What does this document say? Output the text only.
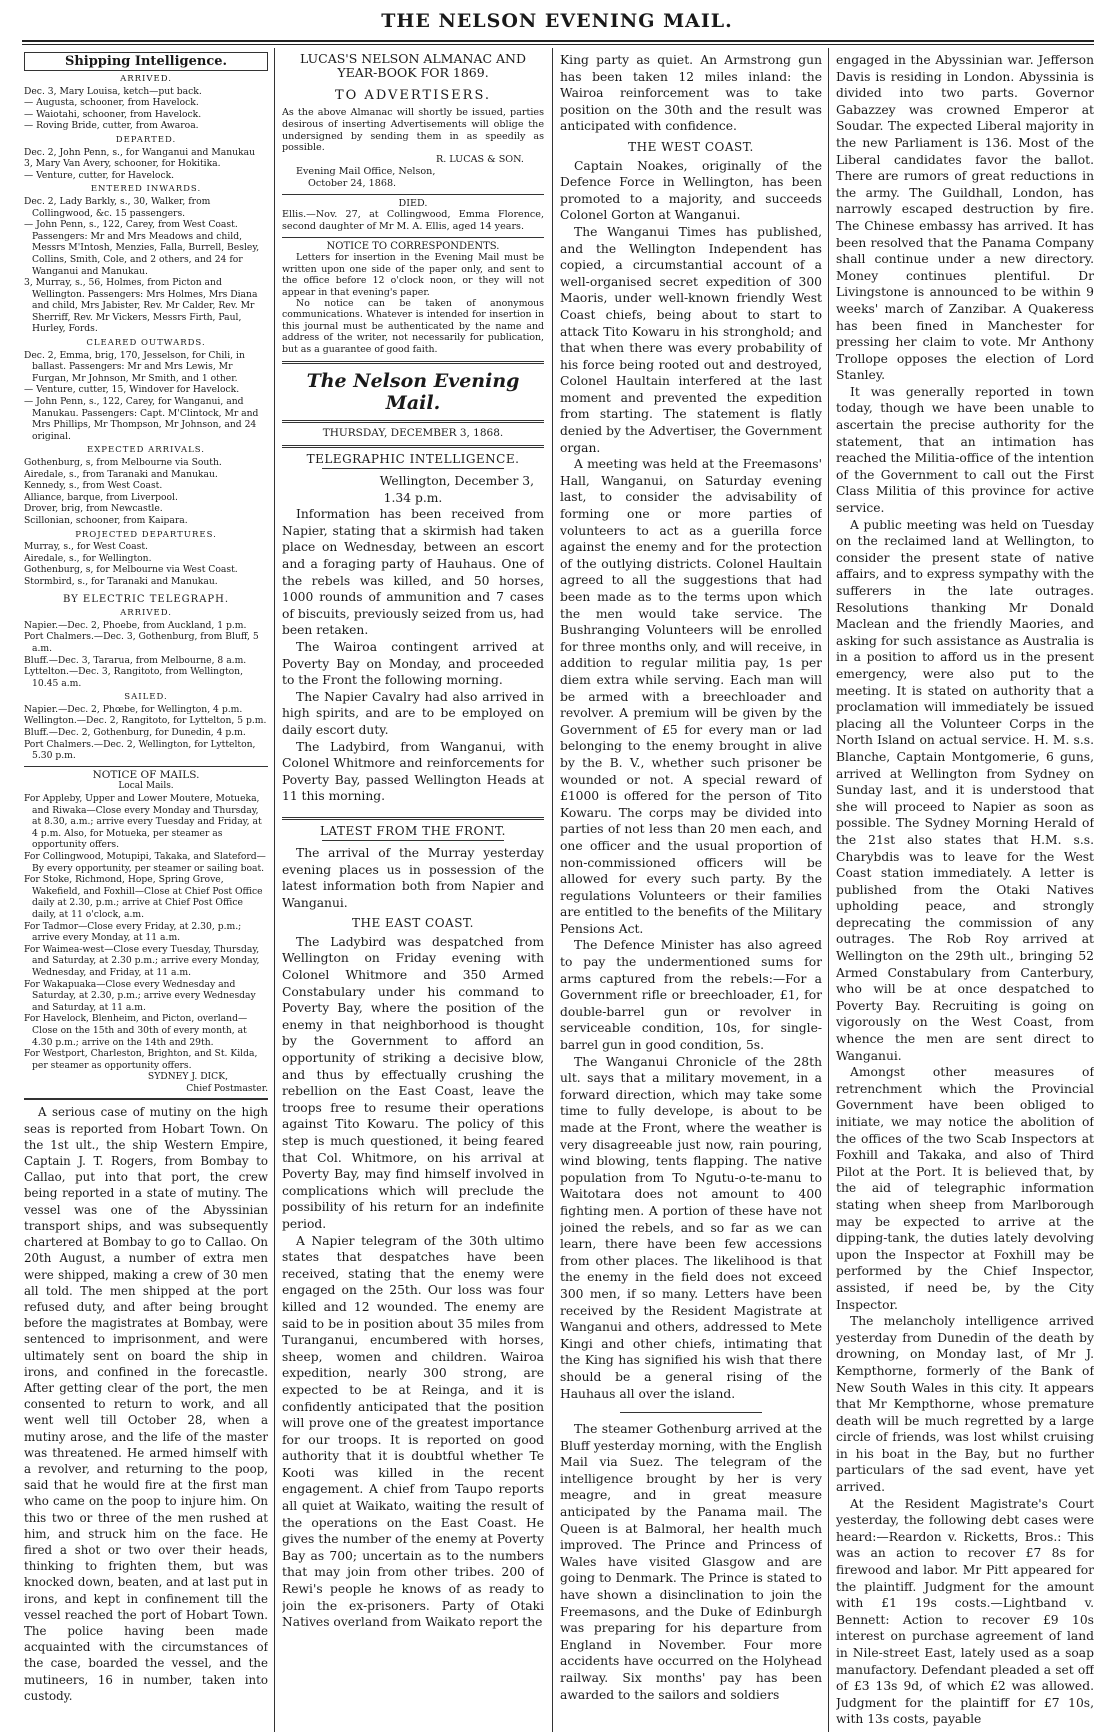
THE NELSON EVENING MAIL.
Shipping Intelligence.
ARRIVED.

Dec. 3, Mary Louisa, ketch—put back.

— Augusta, schooner, from Havelock.

— Waiotahi, schooner, from Havelock.

— Roving Bride, cutter, from Awaroa.

DEPARTED.

Dec. 2, John Penn, s., for Wanganui and Manukau

3, Mary Van Avery, schooner, for Hokitika.

— Venture, cutter, for Havelock.

ENTERED INWARDS.

Dec. 2, Lady Barkly, s., 30, Walker, from Collingwood, &c. 15 passengers.

— John Penn, s., 122, Carey, from West Coast. Passengers: Mr and Mrs Meadows and child, Messrs M'Intosh, Menzies, Falla, Burrell, Besley, Collins, Smith, Cole, and 2 others, and 24 for Wanganui and Manukau.

3, Murray, s., 56, Holmes, from Picton and Wellington. Passengers: Mrs Holmes, Mrs Diana and child, Mrs Jabister, Rev. Mr Calder, Rev. Mr Sherriff, Rev. Mr Vickers, Messrs Firth, Paul, Hurley, Fords.

CLEARED OUTWARDS.

Dec. 2, Emma, brig, 170, Jesselson, for Chili, in ballast. Passengers: Mr and Mrs Lewis, Mr Furgan, Mr Johnson, Mr Smith, and 1 other.

— Venture, cutter, 15, Windover for Havelock.

— John Penn, s., 122, Carey, for Wanganui, and Manukau. Passengers: Capt. M'Clintock, Mr and Mrs Phillips, Mr Thompson, Mr Johnson, and 24 original.

EXPECTED ARRIVALS.

Gothenburg, s, from Melbourne via South.

Airedale, s., from Taranaki and Manukau.

Kennedy, s., from West Coast.

Alliance, barque, from Liverpool.

Drover, brig, from Newcastle.

Scillonian, schooner, from Kaipara.

PROJECTED DEPARTURES.

Murray, s., for West Coast.

Airedale, s., for Wellington.

Gothenburg, s, for Melbourne via West Coast.

Stormbird, s., for Taranaki and Manukau.

BY ELECTRIC TELEGRAPH.
ARRIVED.

Napier.—Dec. 2, Phoebe, from Auckland, 1 p.m.

Port Chalmers.—Dec. 3, Gothenburg, from Bluff, 5 a.m.

Bluff.—Dec. 3, Tararua, from Melbourne, 8 a.m.

Lyttelton.—Dec. 3, Rangitoto, from Wellington, 10.45 a.m.

SAILED.

Napier.—Dec. 2, Phœbe, for Wellington, 4 p.m.

Wellington.—Dec. 2, Rangitoto, for Lyttelton, 5 p.m.

Bluff.—Dec. 2, Gothenburg, for Dunedin, 4 p.m.

Port Chalmers.—Dec. 2, Wellington, for Lyttelton, 5.30 p.m.

NOTICE OF MAILS.
Local Mails.

For Appleby, Upper and Lower Moutere, Motueka, and Riwaka—Close every Monday and Thursday, at 8.30, a.m.; arrive every Tuesday and Friday, at 4 p.m. Also, for Motueka, per steamer as opportunity offers.

For Collingwood, Motupipi, Takaka, and Slateford—By every opportunity, per steamer or sailing boat.

For Stoke, Richmond, Hope, Spring Grove, Wakefield, and Foxhill—Close at Chief Post Office daily at 2.30, p.m.; arrive at Chief Post Office daily, at 11 o'clock, a.m.

For Tadmor—Close every Friday, at 2.30, p.m.; arrive every Monday, at 11 a.m.

For Waimea-west—Close every Tuesday, Thursday, and Saturday, at 2.30 p.m.; arrive every Monday, Wednesday, and Friday, at 11 a.m.

For Wakapuaka—Close every Wednesday and Saturday, at 2.30, p.m.; arrive every Wednesday and Saturday, at 11 a.m.

For Havelock, Blenheim, and Picton, overland—Close on the 15th and 30th of every month, at 4.30 p.m.; arrive on the 14th and 29th.

For Westport, Charleston, Brighton, and St. Kilda, per steamer as opportunity offers.

SYDNEY J. DICK,

Chief Postmaster.

A serious case of mutiny on the high seas is reported from Hobart Town. On the 1st ult., the ship Western Empire, Captain J. T. Rogers, from Bombay to Callao, put into that port, the crew being reported in a state of mutiny. The vessel was one of the Abyssinian transport ships, and was subsequently chartered at Bombay to go to Callao. On 20th August, a number of extra men were shipped, making a crew of 30 men all told. The men shipped at the port refused duty, and after being brought before the magistrates at Bombay, were sentenced to imprisonment, and were ultimately sent on board the ship in irons, and confined in the forecastle. After getting clear of the port, the men consented to return to work, and all went well till October 28, when a mutiny arose, and the life of the master was threatened. He armed himself with a revolver, and returning to the poop, said that he would fire at the first man who came on the poop to injure him. On this two or three of the men rushed at him, and struck him on the face. He fired a shot or two over their heads, thinking to frighten them, but was knocked down, beaten, and at last put in irons, and kept in confinement till the vessel reached the port of Hobart Town. The police having been made acquainted with the circumstances of the case, boarded the vessel, and the mutineers, 16 in number, taken into custody.

LUCAS'S NELSON ALMANAC AND YEAR-BOOK FOR 1869.
TO ADVERTISERS.

As the above Almanac will shortly be issued, parties desirous of inserting Advertisements will oblige the undersigned by sending them in as speedily as possible.

R. LUCAS & SON.

Evening Mail Office, Nelson,

October 24, 1868.

DIED.

Ellis.—Nov. 27, at Collingwood, Emma Florence, second daughter of Mr M. A. Ellis, aged 14 years.

NOTICE TO CORRESPONDENTS.

Letters for insertion in the Evening Mail must be written upon one side of the paper only, and sent to the office before 12 o'clock noon, or they will not appear in that evening's paper.

No notice can be taken of anonymous communications. Whatever is intended for insertion in this journal must be authenticated by the name and address of the writer, not necessarily for publication, but as a guarantee of good faith.

The Nelson Evening Mail.
THURSDAY, DECEMBER 3, 1868.
TELEGRAPHIC INTELLIGENCE.

Wellington, December 3,

1.34 p.m.

Information has been received from Napier, stating that a skirmish had taken place on Wednesday, between an escort and a foraging party of Hauhaus. One of the rebels was killed, and 50 horses, 1000 rounds of ammunition and 7 cases of biscuits, previously seized from us, had been retaken.

The Wairoa contingent arrived at Poverty Bay on Monday, and proceeded to the Front the following morning.

The Napier Cavalry had also arrived in high spirits, and are to be employed on daily escort duty.

The Ladybird, from Wanganui, with Colonel Whitmore and reinforcements for Poverty Bay, passed Wellington Heads at 11 this morning.

LATEST FROM THE FRONT.

The arrival of the Murray yesterday evening places us in possession of the latest information both from Napier and Wanganui.

THE EAST COAST.

The Ladybird was despatched from Wellington on Friday evening with Colonel Whitmore and 350 Armed Constabulary under his command to Poverty Bay, where the position of the enemy in that neighborhood is thought by the Government to afford an opportunity of striking a decisive blow, and thus by effectually crushing the rebellion on the East Coast, leave the troops free to resume their operations against Tito Kowaru. The policy of this step is much questioned, it being feared that Col. Whitmore, on his arrival at Poverty Bay, may find himself involved in complications which will preclude the possibility of his return for an indefinite period.

A Napier telegram of the 30th ultimo states that despatches have been received, stating that the enemy were engaged on the 25th. Our loss was four killed and 12 wounded. The enemy are said to be in position about 35 miles from Turanganui, encumbered with horses, sheep, women and children. Wairoa expedition, nearly 300 strong, are expected to be at Reinga, and it is confidently anticipated that the position will prove one of the greatest importance for our troops. It is reported on good authority that it is doubtful whether Te Kooti was killed in the recent engagement. A chief from Taupo reports all quiet at Waikato, waiting the result of the operations on the East Coast. He gives the number of the enemy at Poverty Bay as 700; uncertain as to the numbers that may join from other tribes. 200 of Rewi's people he knows of as ready to join the ex-prisoners. Party of Otaki Natives overland from Waikato report the

King party as quiet. An Armstrong gun has been taken 12 miles inland: the Wairoa reinforcement was to take position on the 30th and the result was anticipated with confidence.

THE WEST COAST.

Captain Noakes, originally of the Defence Force in Wellington, has been promoted to a majority, and succeeds Colonel Gorton at Wanganui.

The Wanganui Times has published, and the Wellington Independent has copied, a circumstantial account of a well-organised secret expedition of 300 Maoris, under well-known friendly West Coast chiefs, being about to start to attack Tito Kowaru in his stronghold; and that when there was every probability of his force being rooted out and destroyed, Colonel Haultain interfered at the last moment and prevented the expedition from starting. The statement is flatly denied by the Advertiser, the Government organ.

A meeting was held at the Freemasons' Hall, Wanganui, on Saturday evening last, to consider the advisability of forming one or more parties of volunteers to act as a guerilla force against the enemy and for the protection of the outlying districts. Colonel Haultain agreed to all the suggestions that had been made as to the terms upon which the men would take service. The Bushranging Volunteers will be enrolled for three months only, and will receive, in addition to regular militia pay, 1s per diem extra while serving. Each man will be armed with a breechloader and revolver. A premium will be given by the Government of £5 for every man or lad belonging to the enemy brought in alive by the B. V., whether such prisoner be wounded or not. A special reward of £1000 is offered for the person of Tito Kowaru. The corps may be divided into parties of not less than 20 men each, and one officer and the usual proportion of non-commissioned officers will be allowed for every such party. By the regulations Volunteers or their families are entitled to the benefits of the Military Pensions Act.

The Defence Minister has also agreed to pay the undermentioned sums for arms captured from the rebels:—For a Government rifle or breechloader, £1, for double-barrel gun or revolver in serviceable condition, 10s, for single-barrel gun in good condition, 5s.

The Wanganui Chronicle of the 28th ult. says that a military movement, in a forward direction, which may take some time to fully develope, is about to be made at the Front, where the weather is very disagreeable just now, rain pouring, wind blowing, tents flapping. The native population from To Ngutu-o-te-manu to Waitotara does not amount to 400 fighting men. A portion of these have not joined the rebels, and so far as we can learn, there have been few accessions from other places. The likelihood is that the enemy in the field does not exceed 300 men, if so many. Letters have been received by the Resident Magistrate at Wanganui and others, addressed to Mete Kingi and other chiefs, intimating that the King has signified his wish that there should be a general rising of the Hauhaus all over the island.

The steamer Gothenburg arrived at the Bluff yesterday morning, with the English Mail via Suez. The telegram of the intelligence brought by her is very meagre, and in great measure anticipated by the Panama mail. The Queen is at Balmoral, her health much improved. The Prince and Princess of Wales have visited Glasgow and are going to Denmark. The Prince is stated to have shown a disinclination to join the Freemasons, and the Duke of Edinburgh was preparing for his departure from England in November. Four more accidents have occurred on the Holyhead railway. Six months' pay has been awarded to the sailors and soldiers

engaged in the Abyssinian war. Jefferson Davis is residing in London. Abyssinia is divided into two parts. Governor Gabazzey was crowned Emperor at Soudar. The expected Liberal majority in the new Parliament is 136. Most of the Liberal candidates favor the ballot. There are rumors of great reductions in the army. The Guildhall, London, has narrowly escaped destruction by fire. The Chinese embassy has arrived. It has been resolved that the Panama Company shall continue under a new directory. Money continues plentiful. Dr Livingstone is announced to be within 9 weeks' march of Zanzibar. A Quakeress has been fined in Manchester for pressing her claim to vote. Mr Anthony Trollope opposes the election of Lord Stanley.

It was generally reported in town today, though we have been unable to ascertain the precise authority for the statement, that an intimation has reached the Militia-office of the intention of the Government to call out the First Class Militia of this province for active service.

A public meeting was held on Tuesday on the reclaimed land at Wellington, to consider the present state of native affairs, and to express sympathy with the sufferers in the late outrages. Resolutions thanking Mr Donald Maclean and the friendly Maories, and asking for such assistance as Australia is in a position to afford us in the present emergency, were also put to the meeting. It is stated on authority that a proclamation will immediately be issued placing all the Volunteer Corps in the North Island on actual service. H. M. s.s. Blanche, Captain Montgomerie, 6 guns, arrived at Wellington from Sydney on Sunday last, and it is understood that she will proceed to Napier as soon as possible. The Sydney Morning Herald of the 21st also states that H.M. s.s. Charybdis was to leave for the West Coast station immediately. A letter is published from the Otaki Natives upholding peace, and strongly deprecating the commission of any outrages. The Rob Roy arrived at Wellington on the 29th ult., bringing 52 Armed Constabulary from Canterbury, who will be at once despatched to Poverty Bay. Recruiting is going on vigorously on the West Coast, from whence the men are sent direct to Wanganui.

Amongst other measures of retrenchment which the Provincial Government have been obliged to initiate, we may notice the abolition of the offices of the two Scab Inspectors at Foxhill and Takaka, and also of Third Pilot at the Port. It is believed that, by the aid of telegraphic information stating when sheep from Marlborough may be expected to arrive at the dipping-tank, the duties lately devolving upon the Inspector at Foxhill may be performed by the Chief Inspector, assisted, if need be, by the City Inspector.

The melancholy intelligence arrived yesterday from Dunedin of the death by drowning, on Monday last, of Mr J. Kempthorne, formerly of the Bank of New South Wales in this city. It appears that Mr Kempthorne, whose premature death will be much regretted by a large circle of friends, was lost whilst cruising in his boat in the Bay, but no further particulars of the sad event, have yet arrived.

At the Resident Magistrate's Court yesterday, the following debt cases were heard:—Reardon v. Ricketts, Bros.: This was an action to recover £7 8s for firewood and labor. Mr Pitt appeared for the plaintiff. Judgment for the amount with £1 19s costs.—Lightband v. Bennett: Action to recover £9 10s interest on purchase agreement of land in Nile-street East, lately used as a soap manufactory. Defendant pleaded a set off of £3 13s 9d, of which £2 was allowed. Judgment for the plaintiff for £7 10s, with 13s costs, payable
